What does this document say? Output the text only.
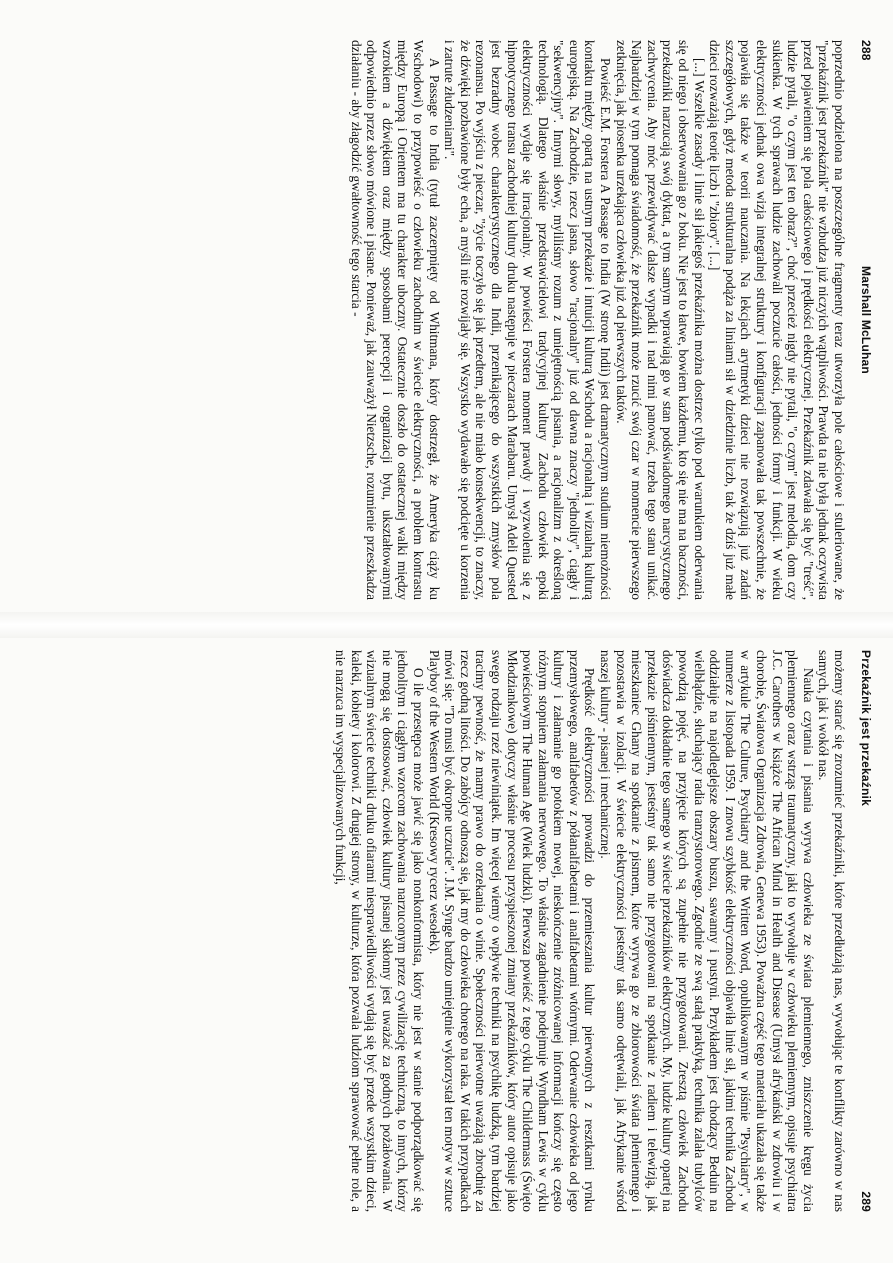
288
Marshall McLuhan

poprzednio podzielona na poszczególne fragmenty teraz utworzyła pole całościowe i stuleriowane, że "przekaźnik jest przekaźnik" nie wzbudza już niczyich wątpliwości. Prawda ta nie była jednak oczywista przed pojawieniem się pola całościowego i prędkości elektrycznej. Przekaźnik zdawała się być "treść", ludzie pytali, "o czym jest ten obraz?", choć przecież nigdy nie pytali, "o czym" jest melodia, dom czy sukienka. W tych sprawach ludzie zachowali poczucie całości, jedności formy i funkcji. W wieku elektryczności jednak owa wizja integralnej struktury i konfiguracji zapanowała tak powszechnie, że pojawiła się także w teorii nauczania. Na lekcjach arytmetyki dzieci nie rozwiązują już zadań szczegółowych, gdyż metoda strukturalna podąża za liniami sił w dziedzinie liczb, tak że dziś już małe dzieci rozważają teorię liczb i "zbiory". [...]

[...] Wszelkie zasady i linie sił jakiegoś przekaźnika można dostrzec tylko pod warunkiem oderwania się od niego i obserwowania go z boku. Nie jest to łatwe, bowiem każdemu, kto się nie ma na baczności, przekaźniki narzucają swój dyktat, a tym samym wprawiają go w stan podświadomego narcystycznego zachwycenia. Aby móc przewidywać dalsze wypadki i nad nimi panować, trzeba tego stanu unikać. Najbardziej w tym pomaga świadomość, że przekaźnik może rzucić swój czar w momencie pierwszego zetknięcia, jak piosenka urzekająca człowieka już od pierwszych taktów.

Powieść E.M. Forstera A Passage to India (W stronę Indii) jest dramatycznym studium niemożności kontaktu między opartą na ustnym przekazie i intuicji kulturą Wschodu a racjonalną i wizualną kulturą europejską. Na Zachodzie, rzecz jasna, słowo "racjonalny" już od dawna znaczy "jednolity", ciągły i "sekwencyjny". Innymi słowy, myliliśmy rozum z umiejętnością pisania, a racjonalizm z określoną technologią. Dlatego właśnie przedstawicielowi tradycyjnej kultury Zachodu człowiek epoki elektryczności wydaje się irracjonalny. W powieści Forstera moment prawdy i wyzwolenia się z hipnotycznego transu zachodniej kultury druku następuje w pieczarach Marabaru. Umysł Adeli Quested jest bezradny wobec charakterystycznego dla Indii, przenikającego do wszystkich zmysłów pola rezonansu. Po wyjściu z pieczar, "życie toczyło się jak przedtem, ale nie miało konsekwencji, to znaczy, że dźwięki pozbawione były echa, a myśli nie rozwijały się. Wszystko wydawało się podcięte u korzenia i zatrute złudzeniami".

A Passage to India (tytuł zaczerpnięty od Whitmana, który dostrzegł, że Ameryka ciąży ku Wschodowi) to przypowieść o człowieku zachodnim w świecie elektryczności, a problem kontrastu między Europą i Orientem ma tu charakter uboczny. Ostatecznie doszło do ostatecznej walki między wzrokiem a dźwiękiem oraz między sposobami percepcji i organizacji bytu, ukształtowanymi odpowiednio przez słowo mówione i pisane. Ponieważ, jak zauważył Nietzsche, rozumienie przeszkadza działaniu - aby złagodzić gwałtowność tego starcia -

Przekaźnik jest przekaźnik
289

możemy starać się zrozumieć przekaźniki, które przedłużają nas, wywołując te konflikty zarówno w nas samych, jak i wokół nas.

Nauka czytania i pisania wyrywa człowieka ze świata plemiennego, zniszczenie kręgu życia plemiennego oraz wstrząs traumatyczny, jaki to wywołuje w człowieku plemiennym, opisuje psychiatra J.C. Carothers w książce The African Mind in Health and Disease (Umysł afrykański w zdrowiu i w chorobie, Światowa Organizacja Zdrowia, Genewa 1953). Poważna część tego materiału ukazała się także w artykule The Culture, Psychiatry and the Written Word, opublikowanym w piśmie "Psychiatry", w numerze z listopada 1959. I znowu szybkość elektryczności objawiła linie sił, jakimi technika Zachodu oddziałuje na najodleglejsze obszary buszu, sawanny i pustyni. Przykładem jest chodzący Beduin na wielbłądzie, słuchający radia tranzystorowego. Zgodnie ze swą stałą praktyką, technika zalała tubylców powodzią pojęć, na przyjęcie których są zupełnie nie przygotowani. Zresztą człowiek Zachodu doświadcza dokładnie tego samego w świecie przekaźników elektrycznych. My, ludzie kultury opartej na przekazie piśmiennym, jesteśmy tak samo nie przygotowani na spotkanie z radiem i telewizją, jak mieszkaniec Ghany na spotkanie z pismem, które wyrywa go ze zbiorowości świata plemiennego i pozostawia w izolacji. W świecie elektryczności jesteśmy tak samo odrętwiali, jak Afrykanie wśród naszej kultury - pisanej i mechanicznej.

Prędkość elektryczności prowadzi do przemieszania kultur pierwotnych z resztkami rynku przemysłowego, analfabetów z półanalfabetami i analfabetami wtórnymi. Oderwanie człowieka od jego kultury i załamanie go potokiem nowej, nieskończenie zróżnicowanej informacji kończy się często różnym stopniem załamania nerwowego. To właśnie zagadnienie podejmuje Wyndham Lewis w cyklu powieściowym The Human Age (Wiek ludzki). Pierwsza powieść z tego cyklu The Childermass (Święto Młodziankowe) dotyczy właśnie procesu przyspieszonej zmiany przekaźników, który autor opisuje jako swego rodzaju rzeź niewiniątek. Im więcej wiemy o wpływie techniki na psychikę ludzką, tym bardziej tracimy pewność, że mamy prawo do orzekania o winie. Społeczności pierwotne uważają zbrodnię za rzecz godną litości. Do zabójcy odnoszą się, jak my do człowieka chorego na raka. W takich przypadkach mówi się: "To musi być okropne uczucie". J.M. Synge bardzo umiejętnie wykorzystał ten motyw w sztuce Playboy of the Western World (Kresowy rycerz wesołek).

O ile przestępca może jawić się jako nonkonformista, który nie jest w stanie podporządkować się jednolitym i ciągłym wzorcom zachowania narzuconym przez cywilizację techniczną, to innych, którzy nie mogą się dostosować, człowiek kultury pisanej skłonny jest uważać za godnych pożałowania. W wizualnym świecie techniki druku ofiarami niesprawiedliwości wydają się być przede wszystkim dzieci, kaleki, kobiety i kolorowi. Z drugiej strony, w kulturze, która pozwala ludziom sprawować pełne role, a nie narzuca im wyspecjalizowanych funkcji,
